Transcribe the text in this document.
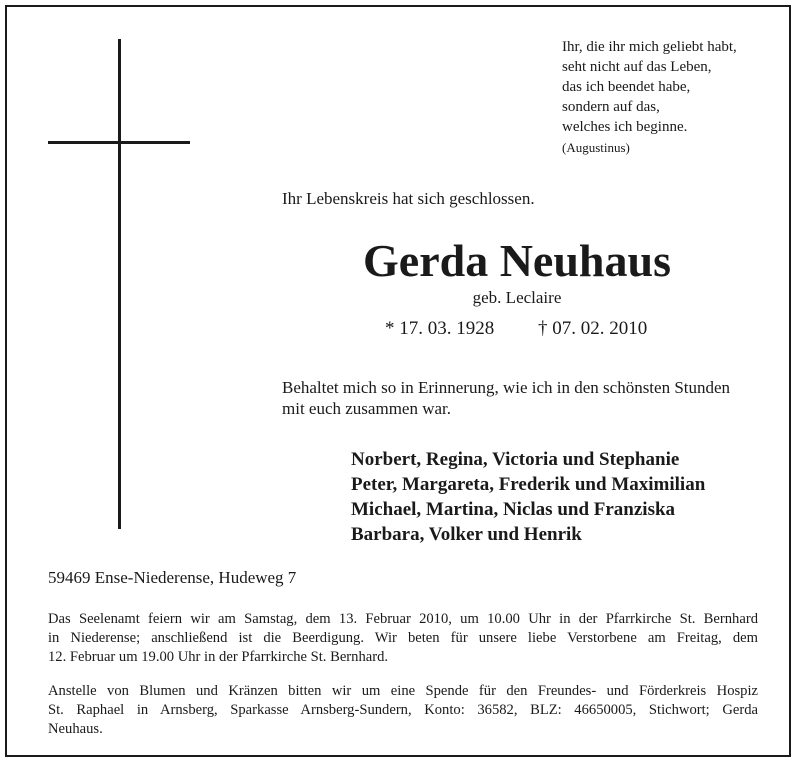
Ihr, die ihr mich geliebt habt,
seht nicht auf das Leben,
das ich beendet habe,
sondern auf das,
welches ich beginne.
(Augustinus)
Ihr Lebenskreis hat sich geschlossen.
Gerda Neuhaus
geb. Leclaire
* 17. 03. 1928 † 07. 02. 2010
Behaltet mich so in Erinnerung, wie ich in den schönsten Stunden
mit euch zusammen war.
Norbert, Regina, Victoria und Stephanie
Peter, Margareta, Frederik und Maximilian
Michael, Martina, Niclas und Franziska
Barbara, Volker und Henrik
59469 Ense-Niederense, Hudeweg 7
Das Seelenamt feiern wir am Samstag, dem 13. Februar 2010, um 10.00 Uhr in der Pfarrkirche St. Bernhard
in Niederense; anschließend ist die Beerdigung. Wir beten für unsere liebe Verstorbene am Freitag, dem
12. Februar um 19.00 Uhr in der Pfarrkirche St. Bernhard.
Anstelle von Blumen und Kränzen bitten wir um eine Spende für den Freundes- und Förderkreis Hospiz
St. Raphael in Arnsberg, Sparkasse Arnsberg-Sundern, Konto: 36582, BLZ: 46650005, Stichwort; Gerda
Neuhaus.
